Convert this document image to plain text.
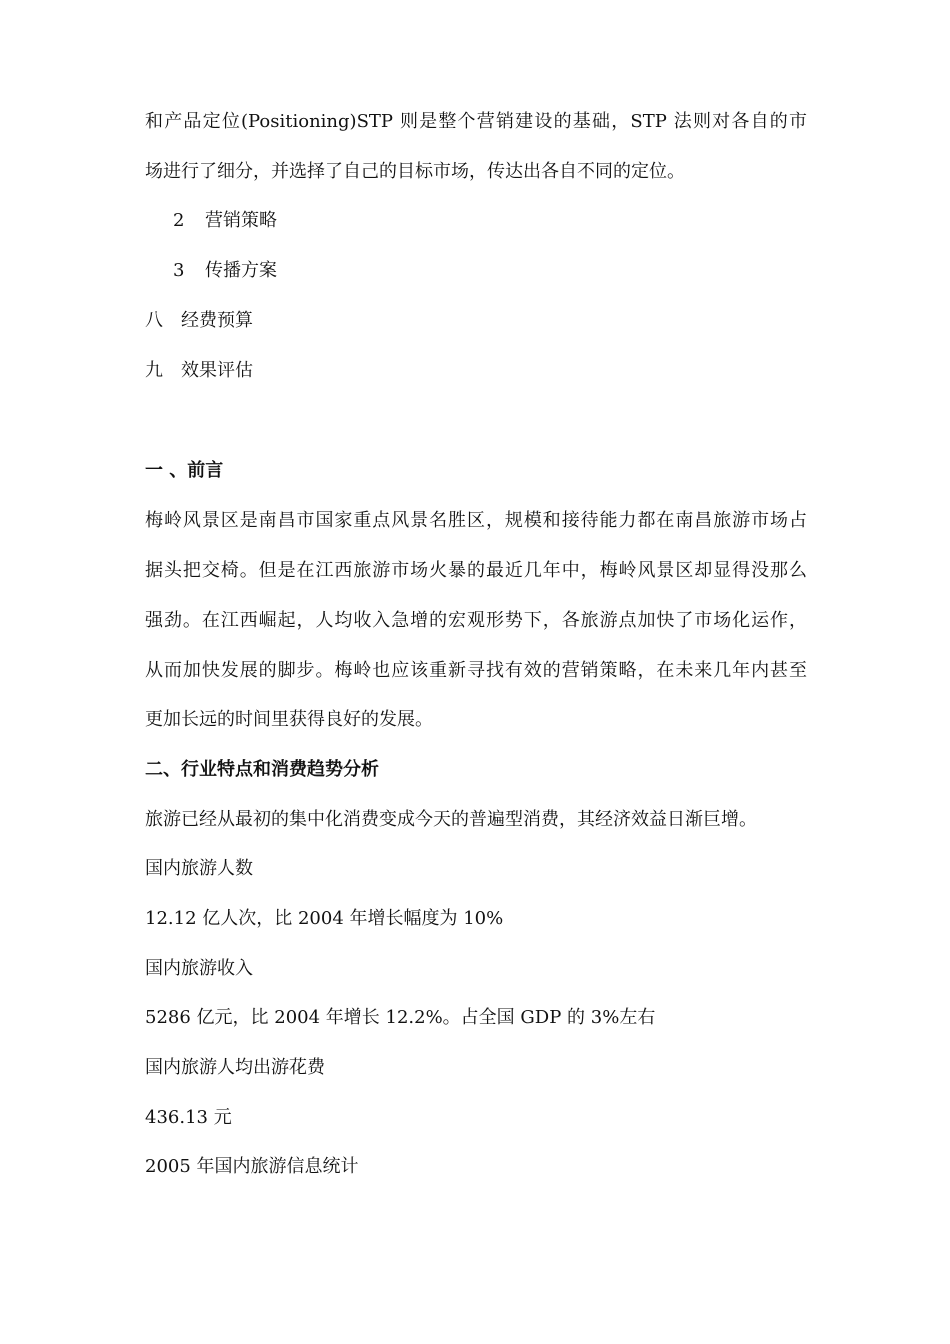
和产品定位(Positioning)STP 则是整个营销建设的基础，STP 法则对各自的市
场进行了细分，并选择了自己的目标市场，传达出各自不同的定位。
2 营销策略
3 传播方案
八 经费预算
九 效果评估
一 、前言
梅岭风景区是南昌市国家重点风景名胜区，规模和接待能力都在南昌旅游市场占
据头把交椅。但是在江西旅游市场火暴的最近几年中，梅岭风景区却显得没那么
强劲。在江西崛起，人均收入急增的宏观形势下，各旅游点加快了市场化运作，
从而加快发展的脚步。梅岭也应该重新寻找有效的营销策略，在未来几年内甚至
更加长远的时间里获得良好的发展。
二、行业特点和消费趋势分析
旅游已经从最初的集中化消费变成今天的普遍型消费，其经济效益日渐巨增。
国内旅游人数
12.12 亿人次，比 2004 年增长幅度为 10%
国内旅游收入
5286 亿元，比 2004 年增长 12.2%。占全国 GDP 的 3%左右
国内旅游人均出游花费
436.13 元
2005 年国内旅游信息统计
